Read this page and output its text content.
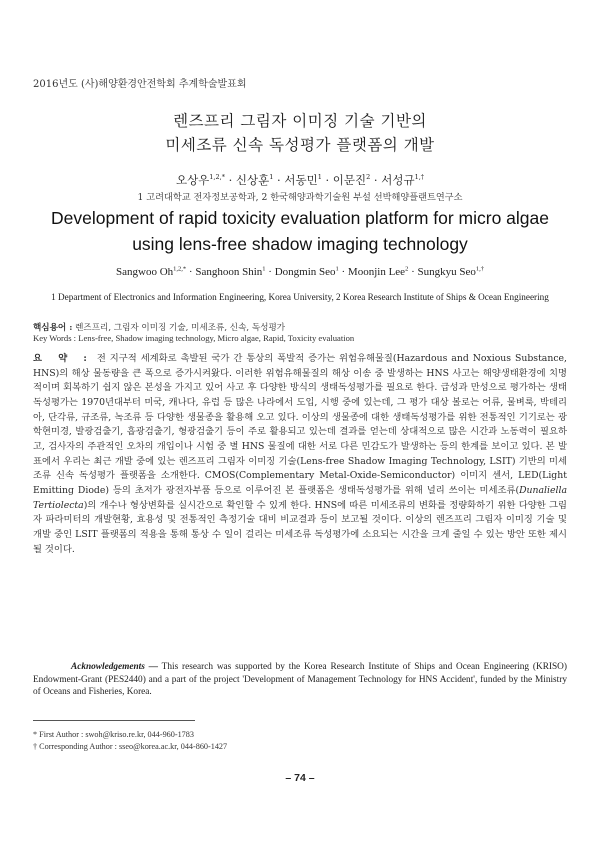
2016년도 (사)해양환경안전학회 추계학술발표회
렌즈프리 그림자 이미징 기술 기반의
미세조류 신속 독성평가 플랫폼의 개발
오상우$^{1,2,*}$ · 신상훈$^1$ · 서동민$^1$ · 이문진$^2$ · 서성규$^{1,\dagger}$
1 고려대학교 전자정보공학과, 2 한국해양과학기술원 부설 선박해양플랜트연구소
Development of rapid toxicity evaluation platform for micro algae
using lens-free shadow imaging technology
Sangwoo $Oh^{1,2,*}$ · Sanghoon Shin$^1$ · Dongmin Seo$^1$ · Moonjin Lee$^2$ · Sungkyu Seo$^{1,\dagger}$
1 Department of Electronics and Information Engineering, Korea University, 2 Korea Research Institute of Ships & Ocean Engineering
핵심용어 : 렌즈프리, 그림자 이미징 기술, 미세조류, 신속, 독성평가
Key Words : Lens-free, Shadow imaging technology, Micro algae, Rapid, Toxicity evaluation
요 약 : 전 지구적 세계화로 촉발된 국가 간 통상의 폭발적 증가는 위험유해물질(Hazardous and Noxious Substance, HNS)의 해상 물동량을 큰 폭으로 증가시켜왔다. 이러한 위험유해물질의 해상 이송 중 발생하는 HNS 사고는 해양생태환경에 치명적이며 회복하기 쉽지 않은 본성을 가지고 있어 사고 후 다양한 방식의 생태독성평가를 필요로 한다. 급성과 만성으로 평가하는 생태독성평가는 1970년대부터 미국, 캐나다, 유럽 등 많은 나라에서 도입, 시행 중에 있는데, 그 평가 대상 볼로는 어류, 물벼룩, 박테리아, 단각류, 규조류, 녹조류 등 다양한 생물종을 활용해 오고 있다. 이상의 생물종에 대한 생태독성평가를 위한 전통적인 기기로는 광학현미경, 발광검출기, 흡광검출기, 형광검출기 등이 주로 활용되고 있는데 결과를 얻는데 상대적으로 많은 시간과 노동력이 필요하고, 검사자의 주관적인 오차의 개입이나 시험 중 별 HNS 물질에 대한 서로 다른 민감도가 발생하는 등의 한계를 보이고 있다. 본 발표에서 우리는 최근 개발 중에 있는 렌즈프리 그림자 이미징 기술(Lens-free Shadow Imaging Technology, LSIT) 기반의 미세조류 신속 독성평가 플랫폼을 소개한다. CMOS(Complementary Metal-Oxide-Semiconductor) 이미지 센서, LED(Light Emitting Diode) 등의 초저가 광전자부품 등으로 이루어진 본 플랫폼은 생태독성평가를 위해 널리 쓰이는 미세조류(Dunaliella Tertiolecta)의 개수나 형상변화를 실시간으로 확인할 수 있게 한다. HNS에 따른 미세조류의 변화를 정량화하기 위한 다양한 그림자 파라미터의 개발현황, 효용성 및 전통적인 측정기술 대비 비교결과 등이 보고될 것이다. 이상의 렌즈프리 그림자 이미징 기술 및 개발 중인 LSIT 플랫폼의 적용을 통해 통상 수 일이 걸리는 미세조류 독성평가에 소요되는 시간을 크게 줄일 수 있는 방안 또한 제시될 것이다.
Acknowledgements — This research was supported by the Korea Research Institute of Ships and Ocean Engineering (KRISO) Endowment-Grant (PES2440) and a part of the project 'Development of Management Technology for HNS Accident', funded by the Ministry of Oceans and Fisheries, Korea.
* First Author : swoh@kriso.re.kr, 044-960-1783
† Corresponding Author : sseo@korea.ac.kr, 044-860-1427
– 74 –
